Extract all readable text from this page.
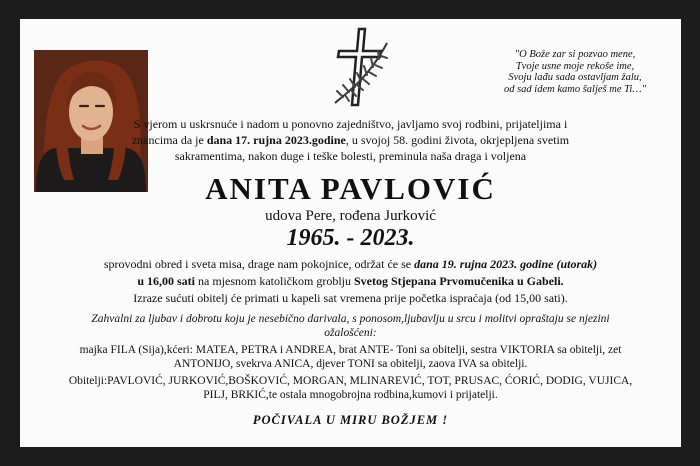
"O Bože zar si pozvao mene,
Tvoje usne moje rekoše ime,
Svoju lađu sada ostavljam žalu,
od sad idem kamo šalješ me Ti…"
S vjerom u uskrsnuće i nadom u ponovno zajedništvo, javljamo svoj rodbini, prijateljima i
znancima da je dana 17. rujna 2023.godine, u svojoj 58. godini života, okrjepljena svetim
sakramentima, nakon duge i teške bolesti, preminula naša draga i voljena
ANITA PAVLOVIĆ
udova Pere, rođena Jurković
1965. - 2023.
sprovodni obred i sveta misa, drage nam pokojnice, održat će se dana 19. rujna 2023. godine (utorak)
u 16,00 sati na mjesnom katoličkom groblju Svetog Stjepana Prvomučenika u Gabeli.
Izraze sućuti obitelj će primati u kapeli sat vremena prije početka ispraćaja (od 15,00 sati).
Zahvalni za ljubav i dobrotu koju je nesebično darivala, s ponosom,ljubavlju u srcu i molitvi opraštaju se njezini
ožalošćeni:
majka FILA (Sija),kćeri: MATEA, PETRA i ANDREA, brat ANTE- Toni sa obitelji, sestra VIKTORIA sa obitelji, zet
ANTONIJO, svekrva ANICA, djever TONI sa obitelji, zaova IVA sa obitelji.
Obitelji:PAVLOVIĆ, JURKOVIĆ,BOŠKOVIĆ, MORGAN, MLINAREVIĆ, TOT, PRUSAC, ĆORIĆ, DODIG, VUJICA,
PILJ, BRKIĆ,te ostala mnogobrojna rodbina,kumovi i prijatelji.
POČIVALA U MIRU BOŽJEM !
